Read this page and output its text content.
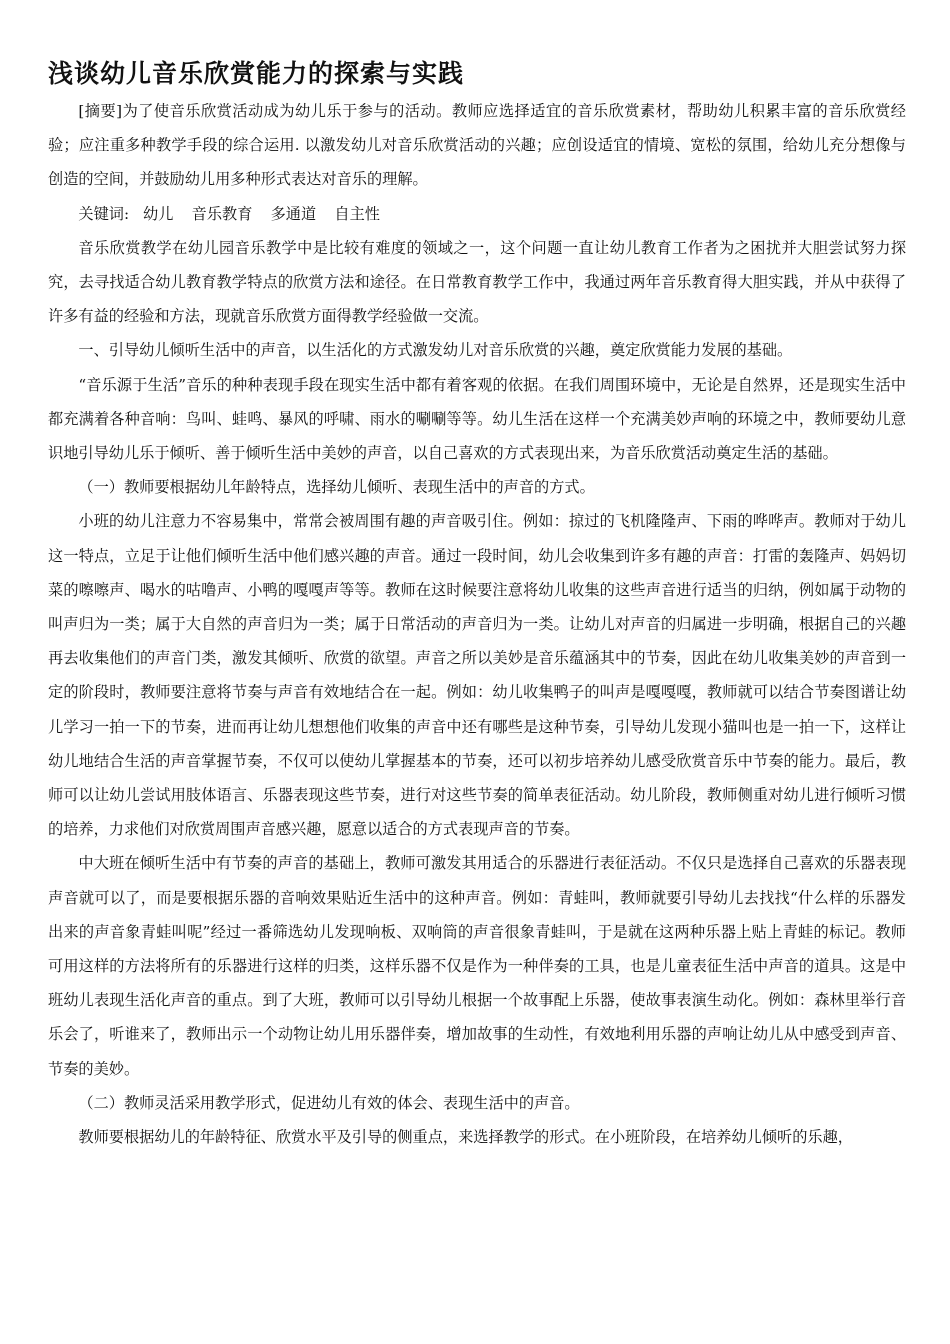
浅谈幼儿音乐欣赏能力的探索与实践

[摘要]为了使音乐欣赏活动成为幼儿乐于参与的活动。教师应选择适宜的音乐欣赏素材，帮助幼儿积累丰富的音乐欣赏经验；应注重多种教学手段的综合运用. 以激发幼儿对音乐欣赏活动的兴趣；应创设适宜的情境、宽松的氛围，给幼儿充分想像与创造的空间，并鼓励幼儿用多种形式表达对音乐的理解。

关键词: 幼儿 音乐教育 多通道 自主性

音乐欣赏教学在幼儿园音乐教学中是比较有难度的领域之一，这个问题一直让幼儿教育工作者为之困扰并大胆尝试努力探究，去寻找适合幼儿教育教学特点的欣赏方法和途径。在日常教育教学工作中，我通过两年音乐教育得大胆实践，并从中获得了许多有益的经验和方法，现就音乐欣赏方面得教学经验做一交流。

一、引导幼儿倾听生活中的声音，以生活化的方式激发幼儿对音乐欣赏的兴趣，奠定欣赏能力发展的基础。

“音乐源于生活”音乐的种种表现手段在现实生活中都有着客观的依据。在我们周围环境中，无论是自然界，还是现实生活中都充满着各种音响：鸟叫、蛙鸣、暴风的呼啸、雨水的唰唰等等。幼儿生活在这样一个充满美妙声响的环境之中，教师要幼儿意识地引导幼儿乐于倾听、善于倾听生活中美妙的声音，以自己喜欢的方式表现出来，为音乐欣赏活动奠定生活的基础。

（一）教师要根据幼儿年龄特点，选择幼儿倾听、表现生活中的声音的方式。

小班的幼儿注意力不容易集中，常常会被周围有趣的声音吸引住。例如：掠过的飞机隆隆声、下雨的哗哗声。教师对于幼儿这一特点，立足于让他们倾听生活中他们感兴趣的声音。通过一段时间，幼儿会收集到许多有趣的声音：打雷的轰隆声、妈妈切菜的嚓嚓声、喝水的咕噜声、小鸭的嘎嘎声等等。教师在这时候要注意将幼儿收集的这些声音进行适当的归纳，例如属于动物的叫声归为一类；属于大自然的声音归为一类；属于日常活动的声音归为一类。让幼儿对声音的归属进一步明确，根据自己的兴趣再去收集他们的声音门类，激发其倾听、欣赏的欲望。声音之所以美妙是音乐蕴涵其中的节奏，因此在幼儿收集美妙的声音到一定的阶段时，教师要注意将节奏与声音有效地结合在一起。例如：幼儿收集鸭子的叫声是嘎嘎嘎，教师就可以结合节奏图谱让幼儿学习一拍一下的节奏，进而再让幼儿想想他们收集的声音中还有哪些是这种节奏，引导幼儿发现小猫叫也是一拍一下，这样让幼儿地结合生活的声音掌握节奏，不仅可以使幼儿掌握基本的节奏，还可以初步培养幼儿感受欣赏音乐中节奏的能力。最后，教师可以让幼儿尝试用肢体语言、乐器表现这些节奏，进行对这些节奏的简单表征活动。幼儿阶段，教师侧重对幼儿进行倾听习惯的培养，力求他们对欣赏周围声音感兴趣，愿意以适合的方式表现声音的节奏。

中大班在倾听生活中有节奏的声音的基础上，教师可激发其用适合的乐器进行表征活动。不仅只是选择自己喜欢的乐器表现声音就可以了，而是要根据乐器的音响效果贴近生活中的这种声音。例如：青蛙叫，教师就要引导幼儿去找找“什么样的乐器发出来的声音象青蛙叫呢”经过一番筛选幼儿发现响板、双响筒的声音很象青蛙叫，于是就在这两种乐器上贴上青蛙的标记。教师可用这样的方法将所有的乐器进行这样的归类，这样乐器不仅是作为一种伴奏的工具，也是儿童表征生活中声音的道具。这是中班幼儿表现生活化声音的重点。到了大班，教师可以引导幼儿根据一个故事配上乐器，使故事表演生动化。例如：森林里举行音乐会了，听谁来了，教师出示一个动物让幼儿用乐器伴奏，增加故事的生动性，有效地利用乐器的声响让幼儿从中感受到声音、节奏的美妙。

（二）教师灵活采用教学形式，促进幼儿有效的体会、表现生活中的声音。

教师要根据幼儿的年龄特征、欣赏水平及引导的侧重点，来选择教学的形式。在小班阶段，在培养幼儿倾听的乐趣，
